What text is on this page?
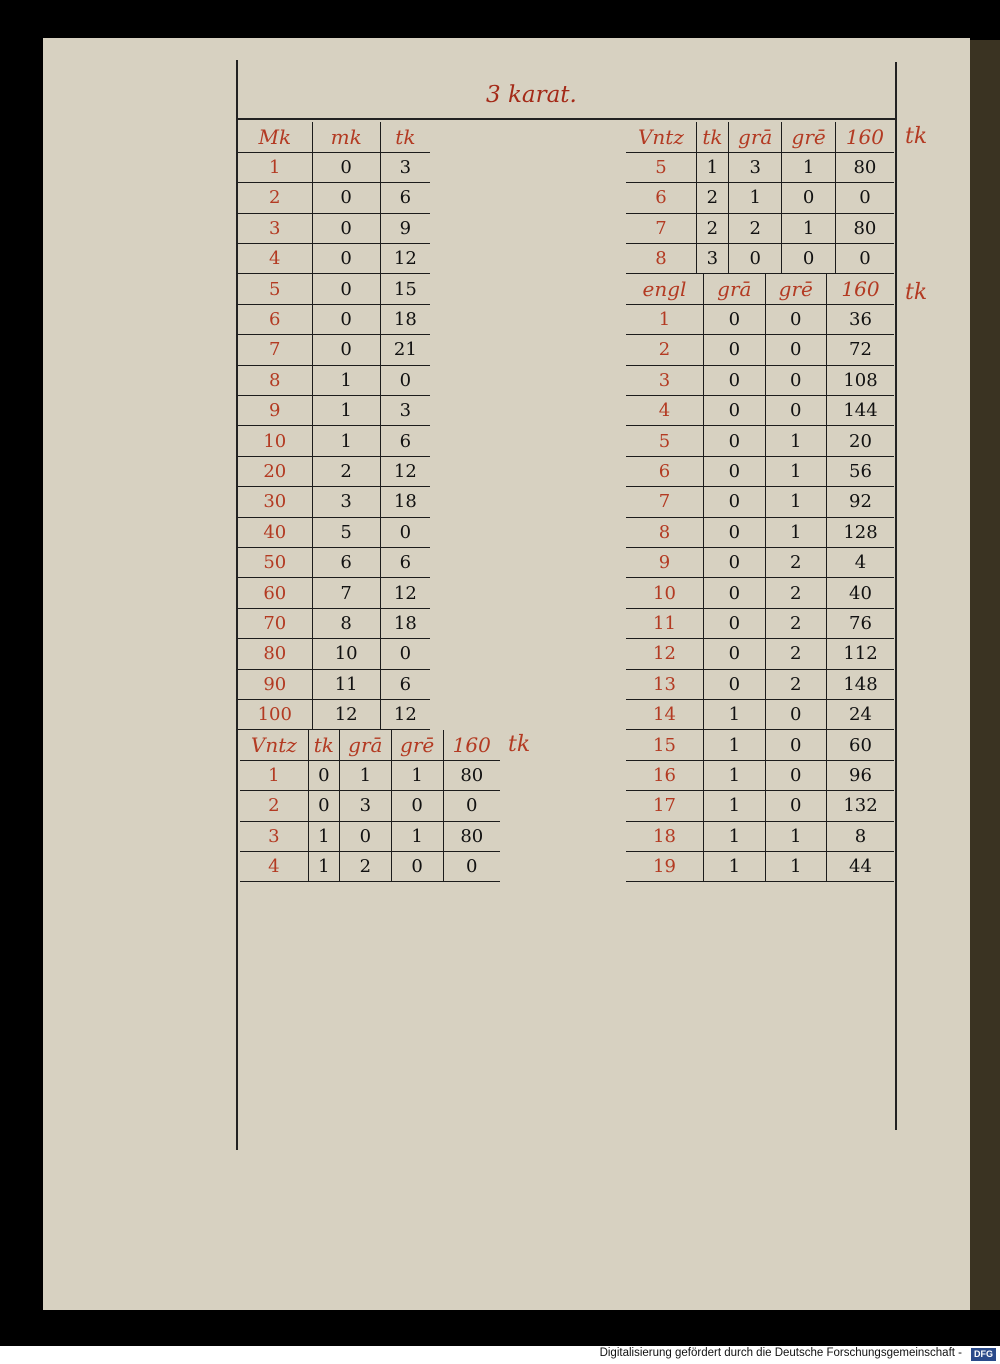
3 karat.
Mk	mk	tk
1	0	3
2	0	6
3	0	9
4	0	12
5	0	15
6	0	18
7	0	21
8	1	0
9	1	3
10	1	6
20	2	12
30	3	18
40	5	0
50	6	6
60	7	12
70	8	18
80	10	0
90	11	6
100	12	12
Vntz	tk	grā	grē	160
1	0	1	1	80
2	0	3	0	0
3	1	0	1	80
4	1	2	0	0
tk
Vntz	tk	grā	grē	160
5	1	3	1	80
6	2	1	0	0
7	2	2	1	80
8	3	0	0	0
tk
engl	grā	grē	160
1	0	0	36
2	0	0	72
3	0	0	108
4	0	0	144
5	0	1	20
6	0	1	56
7	0	1	92
8	0	1	128
9	0	2	4
10	0	2	40
11	0	2	76
12	0	2	112
13	0	2	148
14	1	0	24
15	1	0	60
16	1	0	96
17	1	0	132
18	1	1	8
19	1	1	44
tk
Digitalisierung gefördert durch die Deutsche Forschungsgemeinschaft -	DFG
